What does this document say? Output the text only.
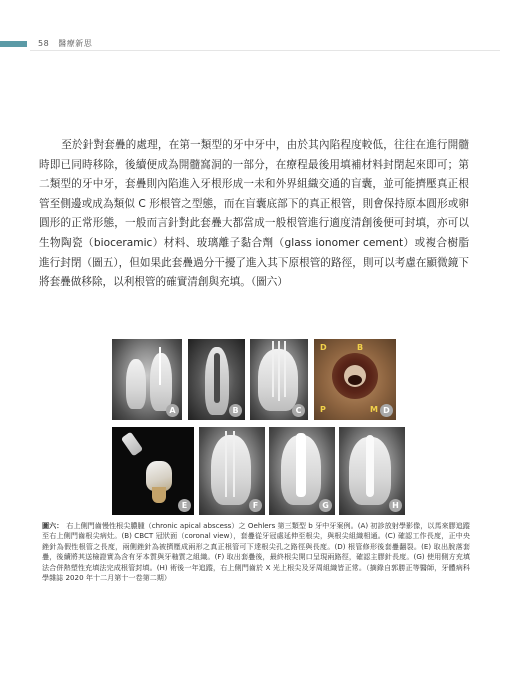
58 醫療新思

至於針對套疊的處理，在第一類型的牙中牙中，由於其內陷程度較低，往往在進行開髓時即已同時移除，後續便成為開髓窩洞的一部分，在療程最後用填補材料封閉起來即可；第二類型的牙中牙，套疊則內陷進入牙根形成一未和外界組織交通的盲囊，並可能擠壓真正根管至側邊或成為類似 C 形根管之型態，而在盲囊底部下的真正根管，則會保持原本圓形或卵圓形的正常形態，一般而言針對此套疊大都當成一般根管進行適度清創後便可封填，亦可以生物陶瓷（bioceramic）材料、玻璃離子黏合劑（glass ionomer cement）或複合樹脂進行封閉（圖五），但如果此套疊過分干擾了進入其下原根管的路徑，則可以考慮在顯微鏡下將套疊做移除，以利根管的確實清創與充填。（圖六）

A	B	C
D	B
P	M D
E	F	G	H
圖六： 右上側門齒慢性根尖膿腫（chronic apical abscess）之 Oehlers 第三類型 b 牙中牙案例。(A) 初診放射學影像，以馬來膠追蹤至右上側門齒根尖病灶。(B) CBCT 冠狀面（coronal view），套疊從牙冠處延伸至根尖，與根尖組織相通。(C) 確認工作長度，正中央銼針為假性根管之長度，兩側銼針為被擠壓成兩形之真正根管可下達根尖孔之路徑與長度。(D) 根管修形後套疊翻裂。(E) 取出脫落套疊，後續將其送檢證實為含有牙本質與牙釉質之組織。(F) 取出套疊後，最終根尖開口呈現兩路徑，確認主膠針長度。(G) 使用側方充填法合併熱塑性充填法完成根管封填。(H) 術後一年追蹤，右上側門齒於 X 光上根尖及牙周組織皆正常。（摘錄自郭勝正等醫師，牙體病科學雜誌 2020 年十二月第十一卷第二期）
